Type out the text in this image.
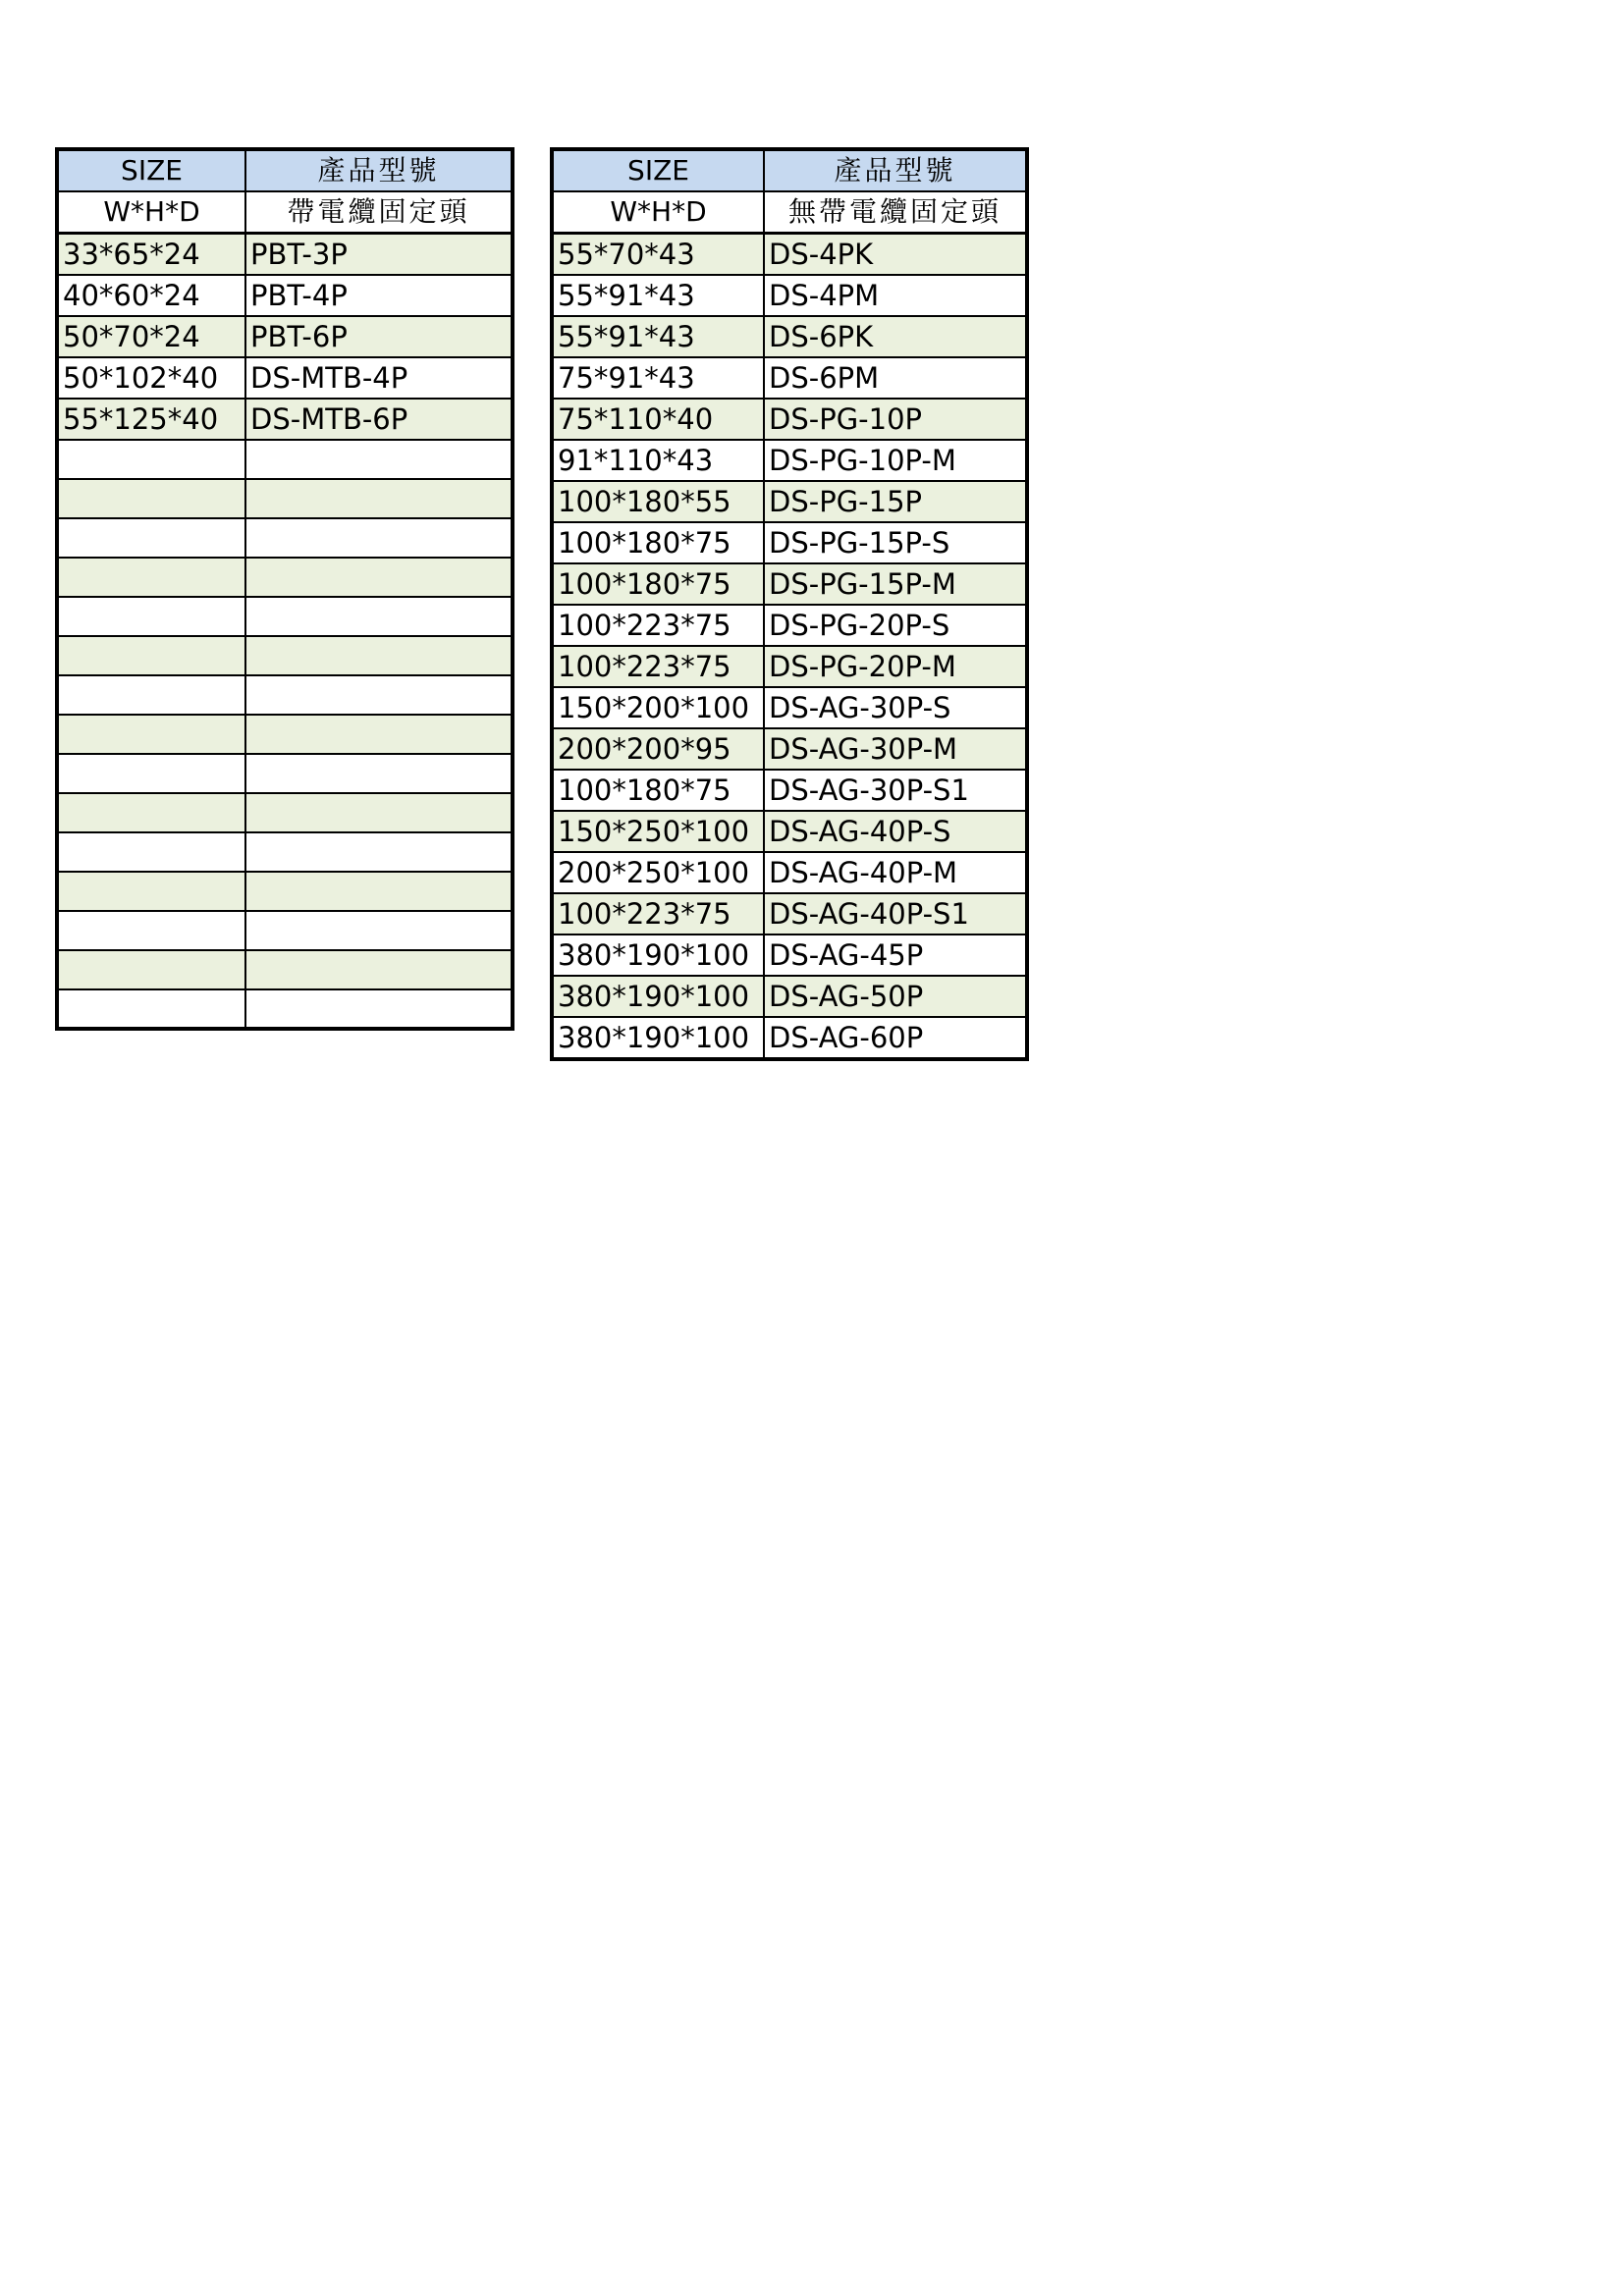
SIZE	產品型號
W*H*D	帶電纜固定頭
33*65*24	PBT-3P
40*60*24	PBT-4P
50*70*24	PBT-6P
50*102*40	DS-MTB-4P
55*125*40	DS-MTB-6P

SIZE	產品型號
W*H*D	無帶電纜固定頭
55*70*43	DS-4PK
55*91*43	DS-4PM
55*91*43	DS-6PK
75*91*43	DS-6PM
75*110*40	DS-PG-10P
91*110*43	DS-PG-10P-M
100*180*55	DS-PG-15P
100*180*75	DS-PG-15P-S
100*180*75	DS-PG-15P-M
100*223*75	DS-PG-20P-S
100*223*75	DS-PG-20P-M
150*200*100	DS-AG-30P-S
200*200*95	DS-AG-30P-M
100*180*75	DS-AG-30P-S1
150*250*100	DS-AG-40P-S
200*250*100	DS-AG-40P-M
100*223*75	DS-AG-40P-S1
380*190*100	DS-AG-45P
380*190*100	DS-AG-50P
380*190*100	DS-AG-60P
